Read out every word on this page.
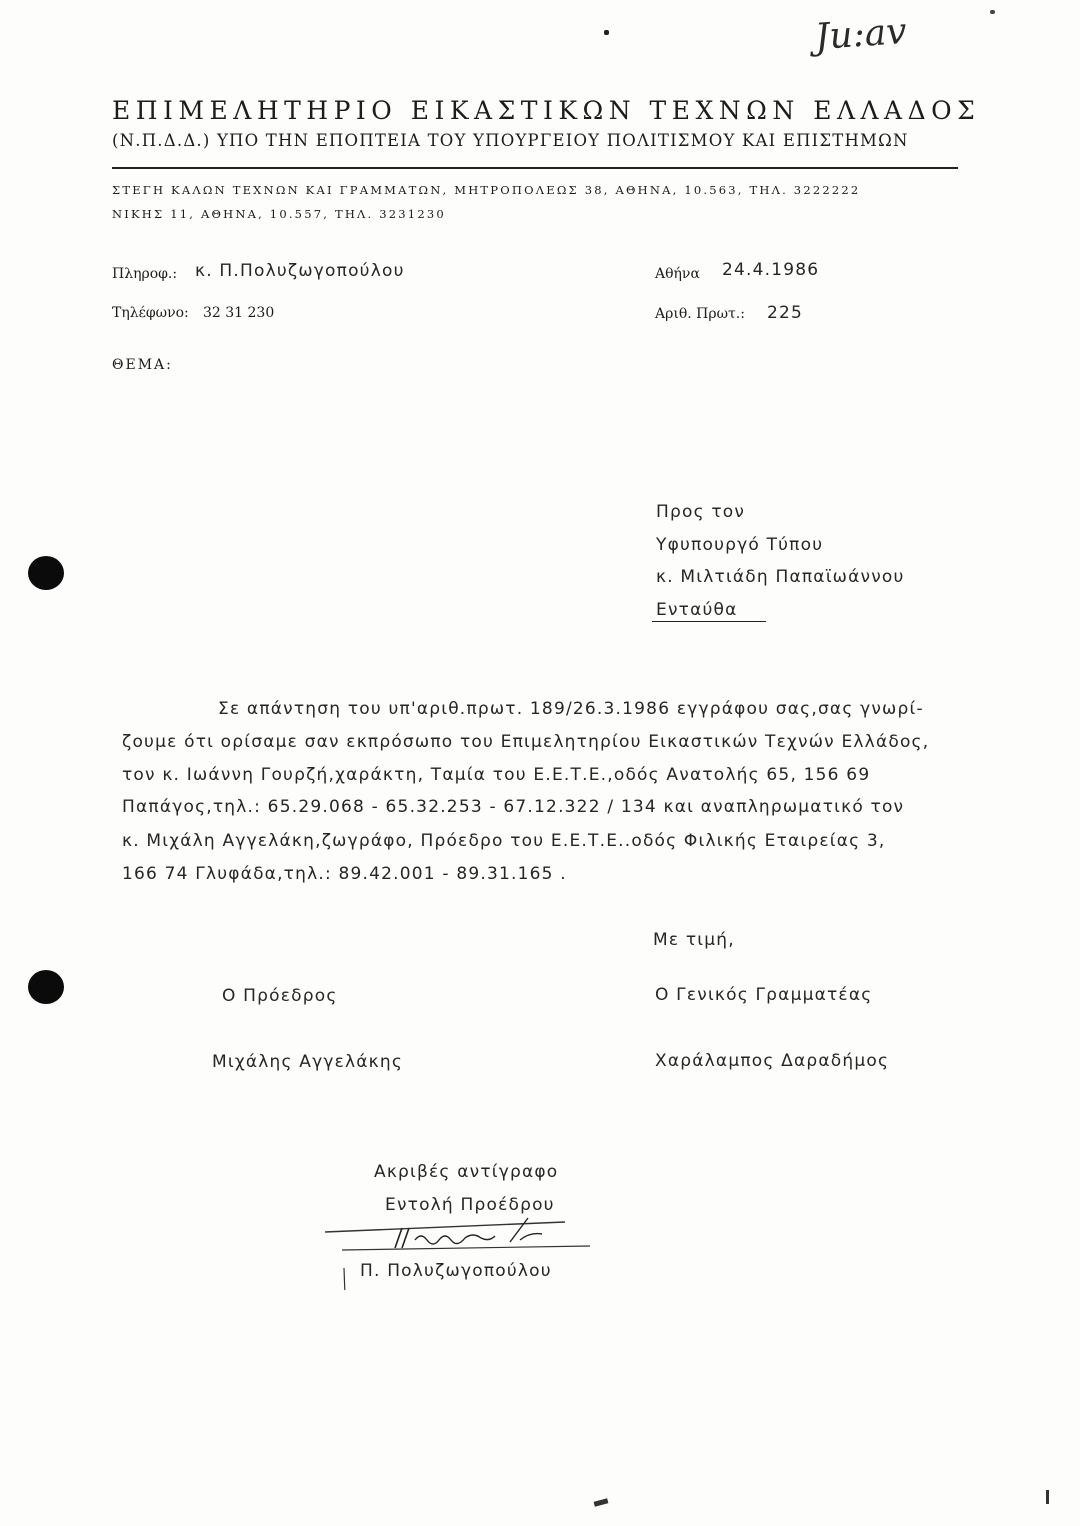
ΕΠΙΜΕΛΗΤΗΡΙΟ ΕΙΚΑΣΤΙΚΩΝ ΤΕΧΝΩΝ ΕΛΛΑΔΟΣ
(Ν.Π.Δ.Δ.) ΥΠΟ ΤΗΝ ΕΠΟΠΤΕΙΑ ΤΟΥ ΥΠΟΥΡΓΕΙΟΥ ΠΟΛΙΤΙΣΜΟΥ ΚΑΙ ΕΠΙΣΤΗΜΩΝ
ΣΤΕΓΗ ΚΑΛΩΝ ΤΕΧΝΩΝ ΚΑΙ ΓΡΑΜΜΑΤΩΝ, ΜΗΤΡΟΠΟΛΕΩΣ 38, ΑΘΗΝΑ, 10.563, ΤΗΛ. 3222222
ΝΙΚΗΣ 11, ΑΘΗΝΑ, 10.557, ΤΗΛ. 3231230
Ju:av
Πληροφ.: κ. Π.Πολυζωγοπούλου
Τηλέφωνο: 32 31 230
Αθήνα 24.4.1986
Αριθ. Πρωτ.: 225
ΘΕΜΑ:
Προς τον
Υφυπουργό Τύπου
κ. Μιλτιάδη Παπαϊωάννου
Ενταύθα
Σε απάντηση του υπ'αριθ.πρωτ. 189/26.3.1986 εγγράφου σας,σας γνωρί-
ζουμε ότι ορίσαμε σαν εκπρόσωπο του Επιμελητηρίου Εικαστικών Τεχνών Ελλάδος,
τον κ. Ιωάννη Γουρζή,χαράκτη, Ταμία του Ε.Ε.Τ.Ε.,οδός Ανατολής 65, 156 69
Παπάγος,τηλ.: 65.29.068 - 65.32.253 - 67.12.322 / 134 και αναπληρωματικό τον
κ. Μιχάλη Αγγελάκη,ζωγράφο, Πρόεδρο του Ε.Ε.Τ.Ε..οδός Φιλικής Εταιρείας 3,
166 74 Γλυφάδα,τηλ.: 89.42.001 - 89.31.165 .
Με τιμή,
Ο Πρόεδρος
Μιχάλης Αγγελάκης
Ο Γενικός Γραμματέας
Χαράλαμπος Δαραδήμος
Ακριβές αντίγραφο
Εντολή Προέδρου
Π. Πολυζωγοπούλου
